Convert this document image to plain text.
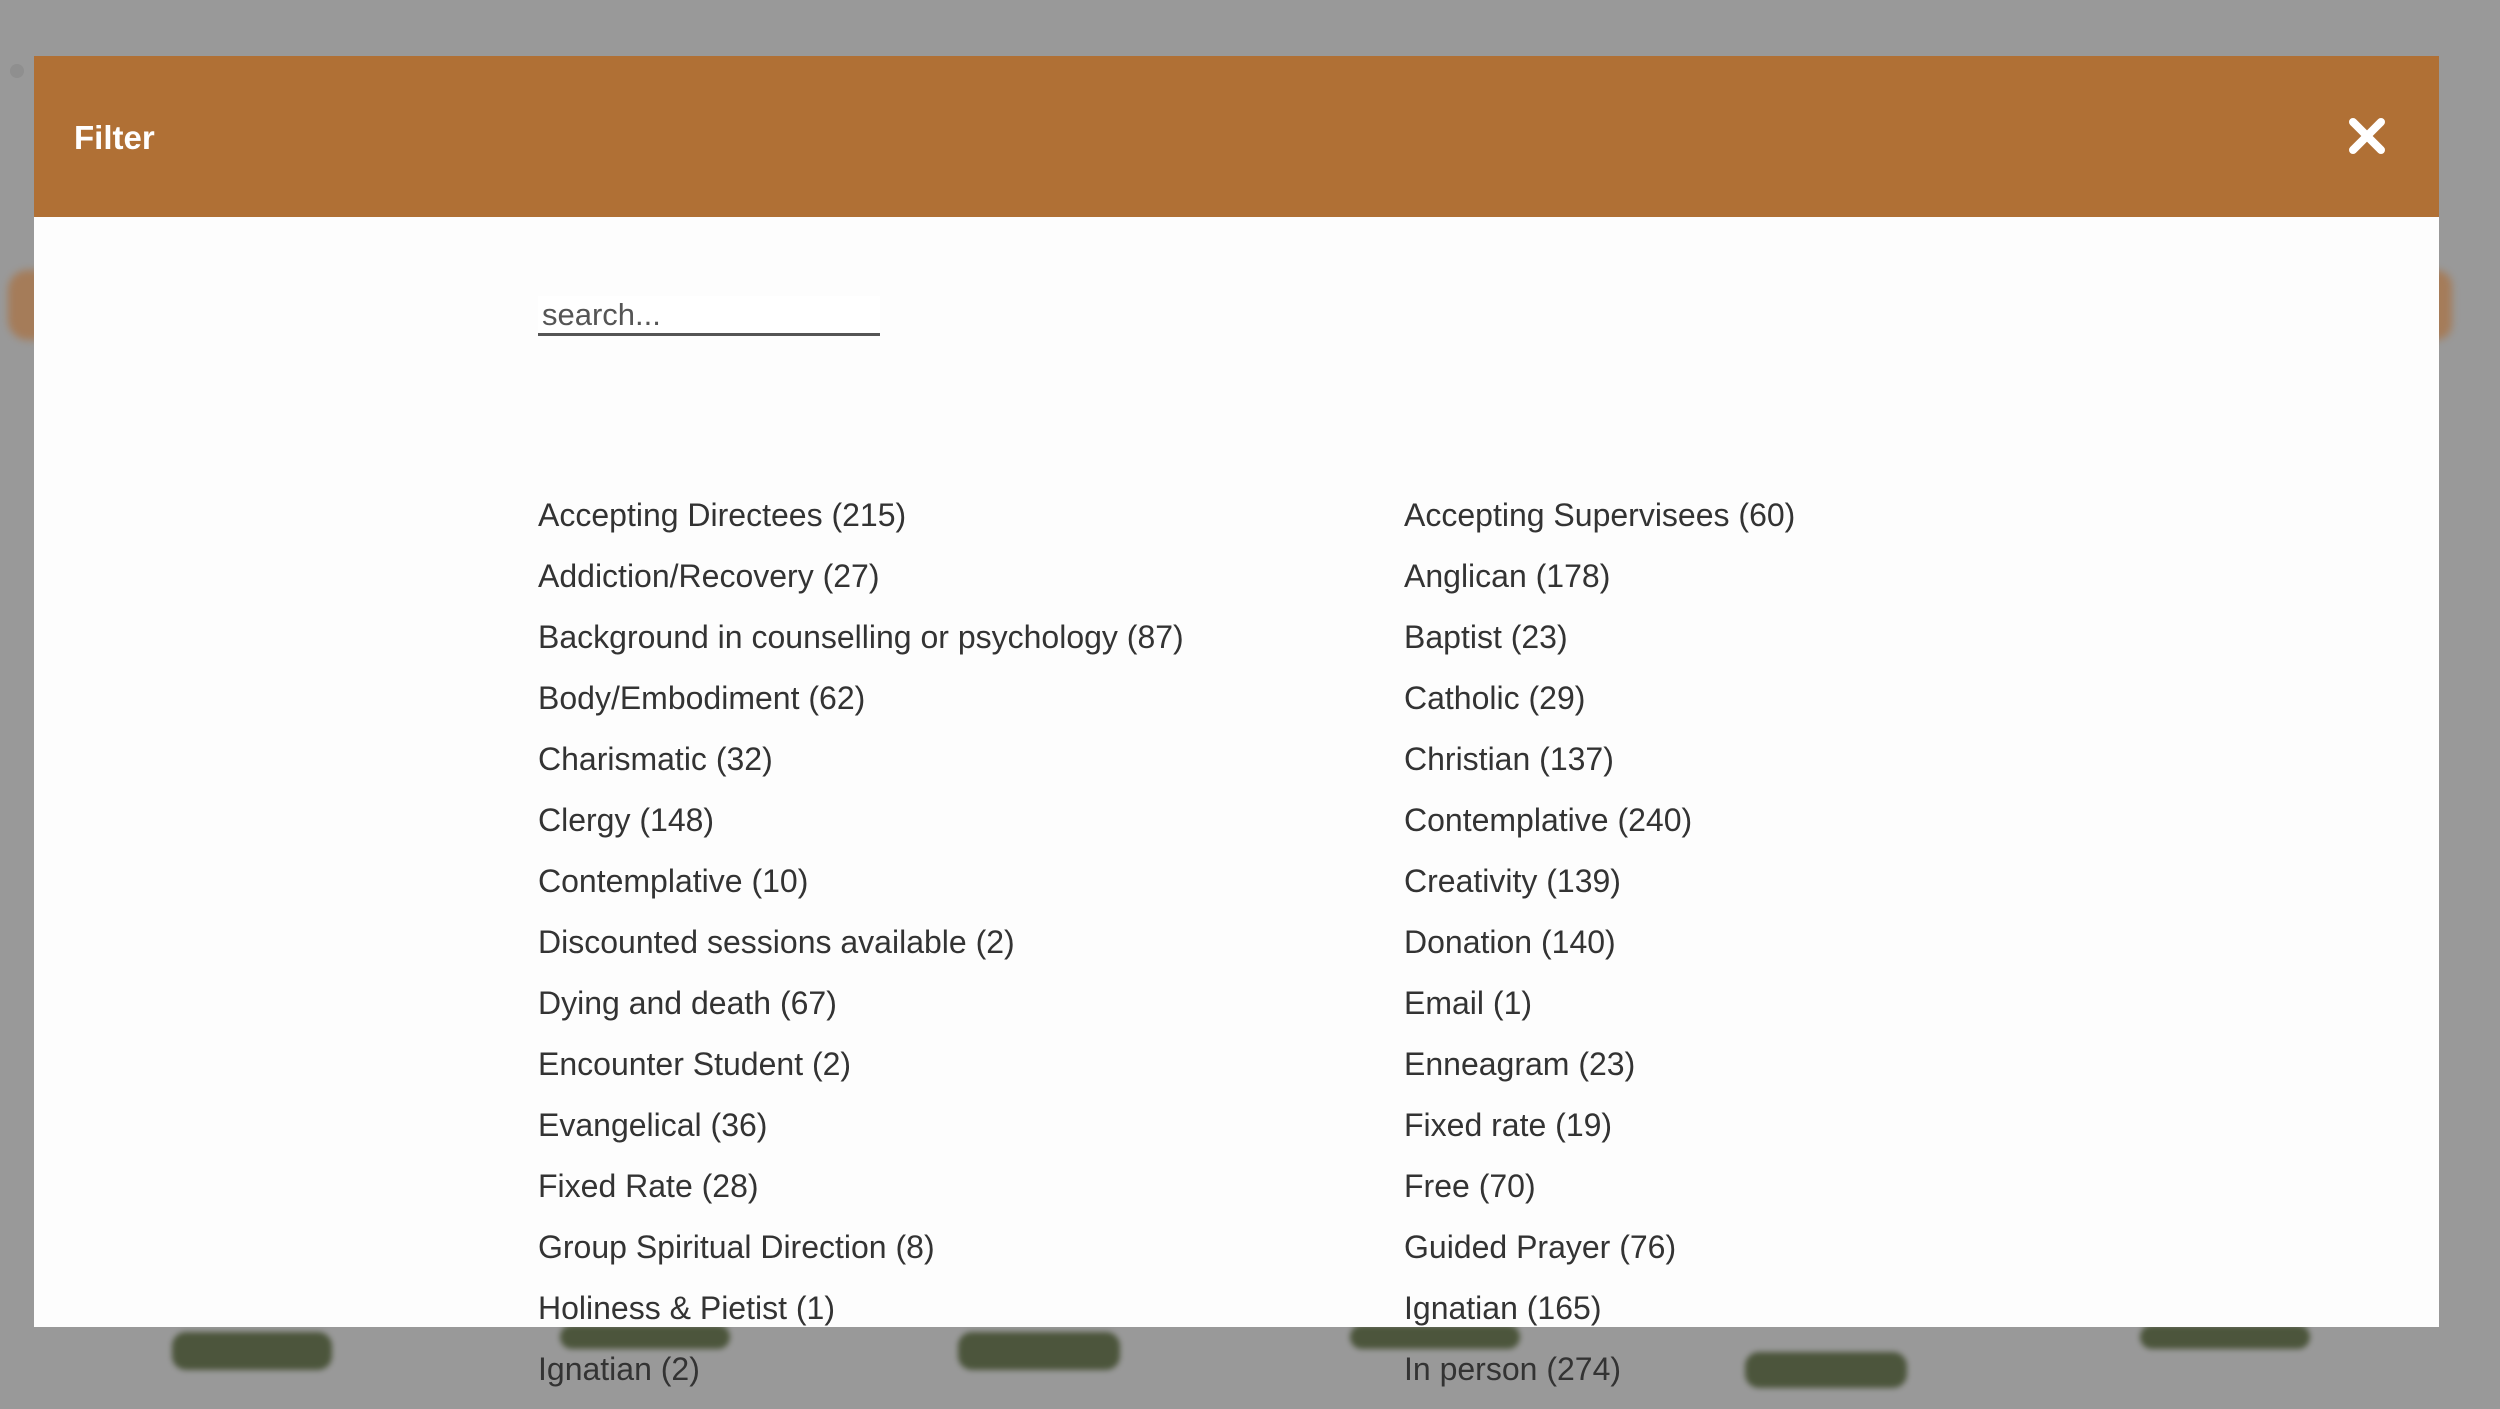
Filter
search...
Accepting Directees (215)
Addiction/Recovery (27)
Background in counselling or psychology (87)
Body/Embodiment (62)
Charismatic (32)
Clergy (148)
Contemplative (10)
Discounted sessions available (2)
Dying and death (67)
Encounter Student (2)
Evangelical (36)
Fixed Rate (28)
Group Spiritual Direction (8)
Holiness & Pietist (1)
Ignatian (2)
Accepting Supervisees (60)
Anglican (178)
Baptist (23)
Catholic (29)
Christian (137)
Contemplative (240)
Creativity (139)
Donation (140)
Email (1)
Enneagram (23)
Fixed rate (19)
Free (70)
Guided Prayer (76)
Ignatian (165)
In person (274)
